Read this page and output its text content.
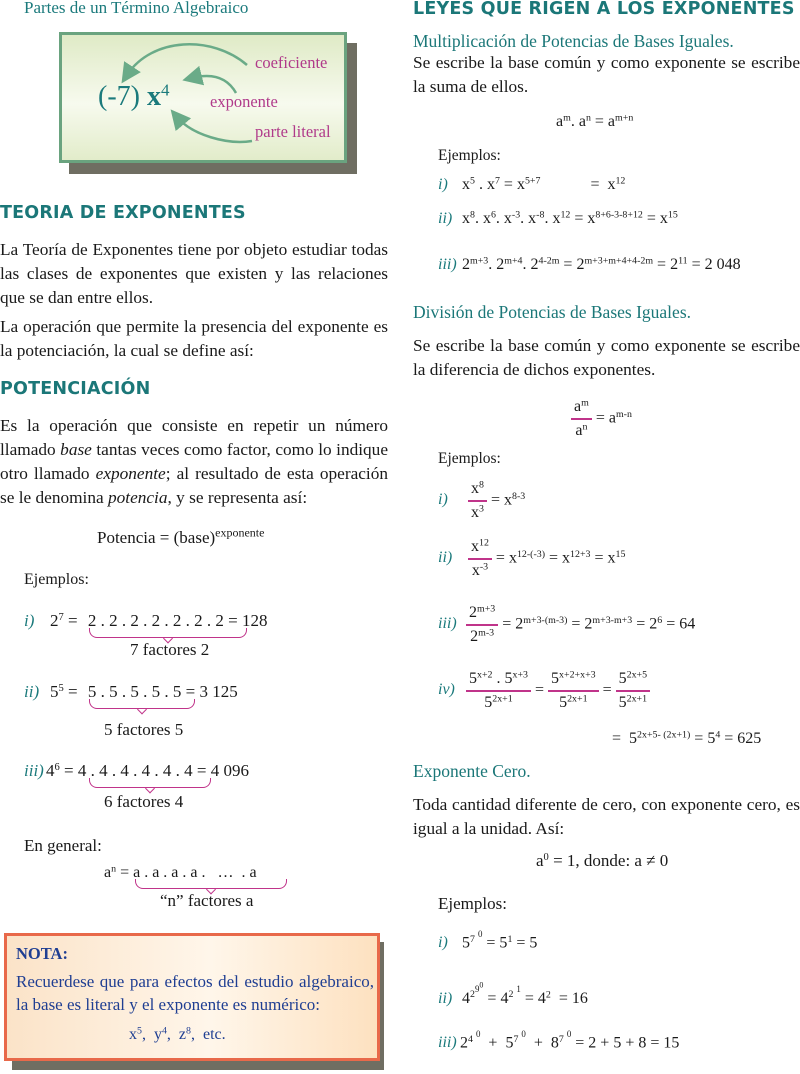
Partes de un Término Algebraico
(-7) $x^4$
coeficiente
exponente
parte literal
TEORIA DE EXPONENTES
La Teoría de Exponentes tiene por objeto estudiar todas las clases de exponentes que existen y las relaciones que se dan entre ellos.
La operación que permite la presencia del exponente es la potenciación, la cual se define así:
POTENCIACIÓN
Es la operación que consiste en repetir un número llamado base tantas veces como factor, como lo indique otro llamado exponente; al resultado de esta operación se le denomina potencia, y se representa así:
Potencia = (base)$^{exponente}$
Ejemplos:
i) $2^7 = 2$ . 2 . 2 . 2 . 2 . 2 . 2 = 128
7 factores 2
ii) $5^5 = 5$ . 5 . 5 . 5 . 5 = 3 125
5 factores 5
iii) $4^6 = 4$ . 4 . 4 . 4 . 4 . 4 = 4 096
6 factores 4
En general:
$a^n = a$ . a . a . a .   …  . a
“n” factores a
NOTA:
Recuerdese que para efectos del estudio algebraico, la base es literal y el exponente es numérico:
$x^5$,  $y^4$,  $z^8$,  etc.
LEYES QUE RIGEN A LOS EXPONENTES
Multiplicación de Potencias de Bases Iguales.
Se escribe la base común y como exponente se escribe la suma de ellos.
$a^m$. $a^n = a^{m+n}$
Ejemplos:
i) $x^5$ . $x^7 = x^{5+7}$	=  $x^{12}$
ii) $x^8$. $x^6$. $x^{-3}$. $x^{-8}$. $x^{12} = x^{8+6-3-8+12} = x^{15}$
iii) $2^{m+3}$. $2^{m+4}$. $2^{4-2m} = 2^{m+3+m+4+4-2m} = 2^{11} = 2$ 048
División de Potencias de Bases Iguales.
Se escribe la base común y como exponente se escribe la diferencia de dichos exponentes.
$\frac{a^m}{a^n} = a^{m-n}$
Ejemplos:
$i) \frac{x^8}{x^3} = x^{8-3}$
$ii) \frac{x^{12}}{x^{-3}} = x^{12-(-3)} = x^{12+3} = x^{15}$
$iii) \frac{2^{m+3}}{2^{m-3}} = 2^{m+3-(m-3)} = 2^{m+3-m+3} = 2^6 = 64$
$iv) \frac{5^{x+2} . 5^{x+3}}{5^{2x+1}} = \frac{5^{x+2+x+3}}{5^{2x+1}} = \frac{5^{2x+5}}{5^{2x+1}}$
=  $5^{2x+5- (2x+1)} = 5^4 = 625$
Exponente Cero.
Toda cantidad diferente de cero, con exponente cero, es igual a la unidad. Así:
$a^0 = 1$, donde: a ≠ 0
Ejemplos:
i) $5^{7 ^0} = 5^1 = 5$
ii) $4^{2^{9^0}} = 4^{2 ^1} = 4^2 = 16$
iii) $2^{4 ^0} + 5^{7 ^0} + 8^{7 ^0} = 2 + 5 + 8 = 15$
